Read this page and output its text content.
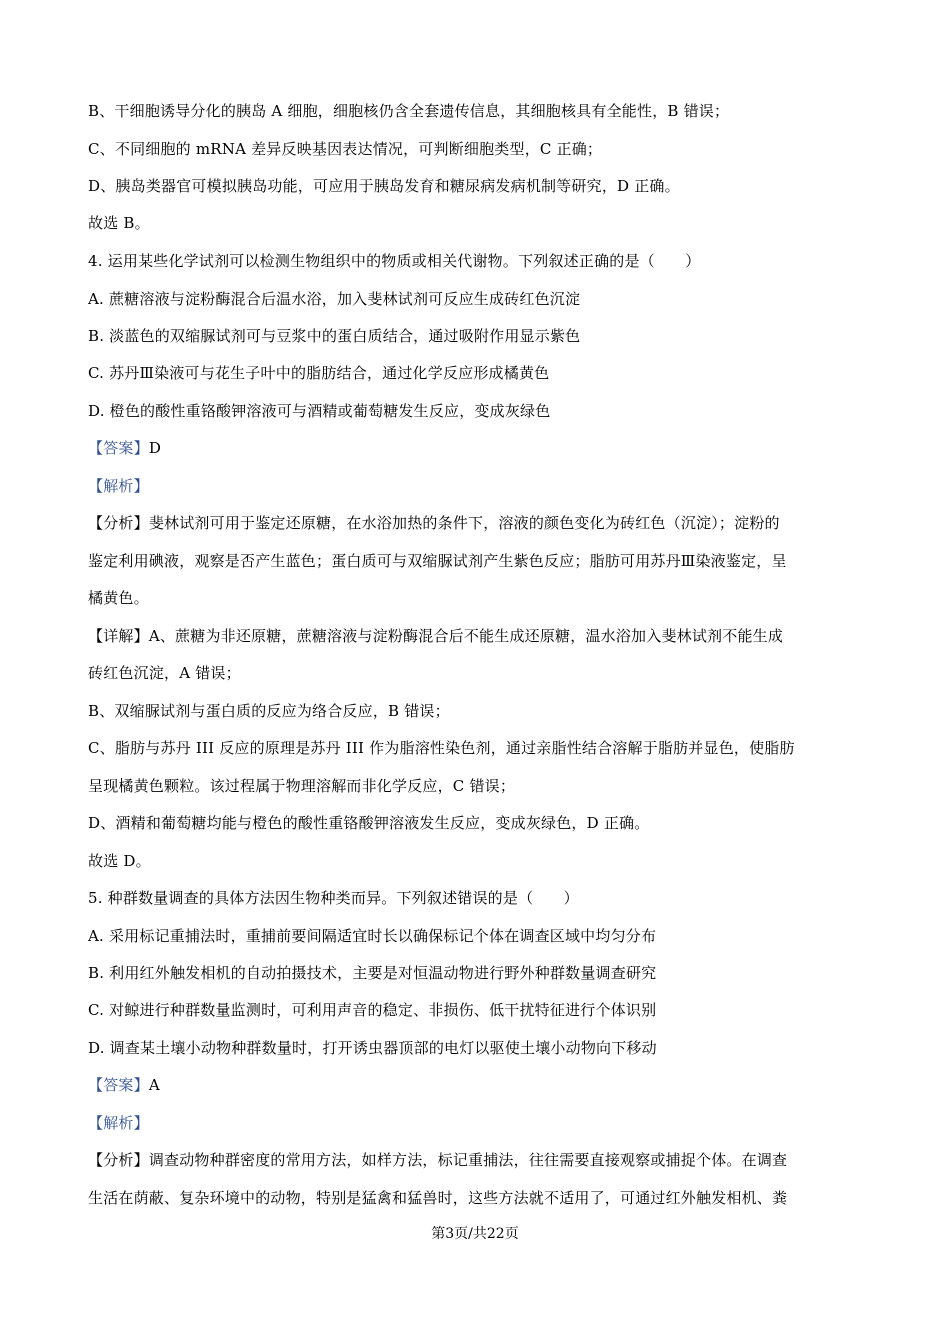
B、干细胞诱导分化的胰岛 A 细胞，细胞核仍含全套遗传信息，其细胞核具有全能性，B 错误；
C、不同细胞的 mRNA 差异反映基因表达情况，可判断细胞类型，C 正确；
D、胰岛类器官可模拟胰岛功能，可应用于胰岛发育和糖尿病发病机制等研究，D 正确。
故选 B。
4. 运用某些化学试剂可以检测生物组织中的物质或相关代谢物。下列叙述正确的是（　　）
A. 蔗糖溶液与淀粉酶混合后温水浴，加入斐林试剂可反应生成砖红色沉淀
B. 淡蓝色的双缩脲试剂可与豆浆中的蛋白质结合，通过吸附作用显示紫色
C. 苏丹Ⅲ染液可与花生子叶中的脂肪结合，通过化学反应形成橘黄色
D. 橙色的酸性重铬酸钾溶液可与酒精或葡萄糖发生反应，变成灰绿色
【答案】D
【解析】
【分析】斐林试剂可用于鉴定还原糖，在水浴加热的条件下，溶液的颜色变化为砖红色（沉淀）；淀粉的
鉴定利用碘液，观察是否产生蓝色；蛋白质可与双缩脲试剂产生紫色反应；脂肪可用苏丹Ⅲ染液鉴定，呈
橘黄色。
【详解】A、蔗糖为非还原糖，蔗糖溶液与淀粉酶混合后不能生成还原糖，温水浴加入斐林试剂不能生成
砖红色沉淀，A 错误；
B、双缩脲试剂与蛋白质的反应为络合反应，B 错误；
C、脂肪与苏丹 III 反应的原理是苏丹 III 作为脂溶性染色剂，通过亲脂性结合溶解于脂肪并显色，使脂肪
呈现橘黄色颗粒。该过程属于物理溶解而非化学反应，C 错误；
D、酒精和葡萄糖均能与橙色的酸性重铬酸钾溶液发生反应，变成灰绿色，D 正确。
故选 D。
5. 种群数量调查的具体方法因生物种类而异。下列叙述错误的是（　　）
A. 采用标记重捕法时，重捕前要间隔适宜时长以确保标记个体在调查区域中均匀分布
B. 利用红外触发相机的自动拍摄技术，主要是对恒温动物进行野外种群数量调查研究
C. 对鲸进行种群数量监测时，可利用声音的稳定、非损伤、低干扰特征进行个体识别
D. 调查某土壤小动物种群数量时，打开诱虫器顶部的电灯以驱使土壤小动物向下移动
【答案】A
【解析】
【分析】调查动物种群密度的常用方法，如样方法，标记重捕法，往往需要直接观察或捕捉个体。在调查
生活在荫蔽、复杂环境中的动物，特别是猛禽和猛兽时，这些方法就不适用了，可通过红外触发相机、粪
第3页/共22页
